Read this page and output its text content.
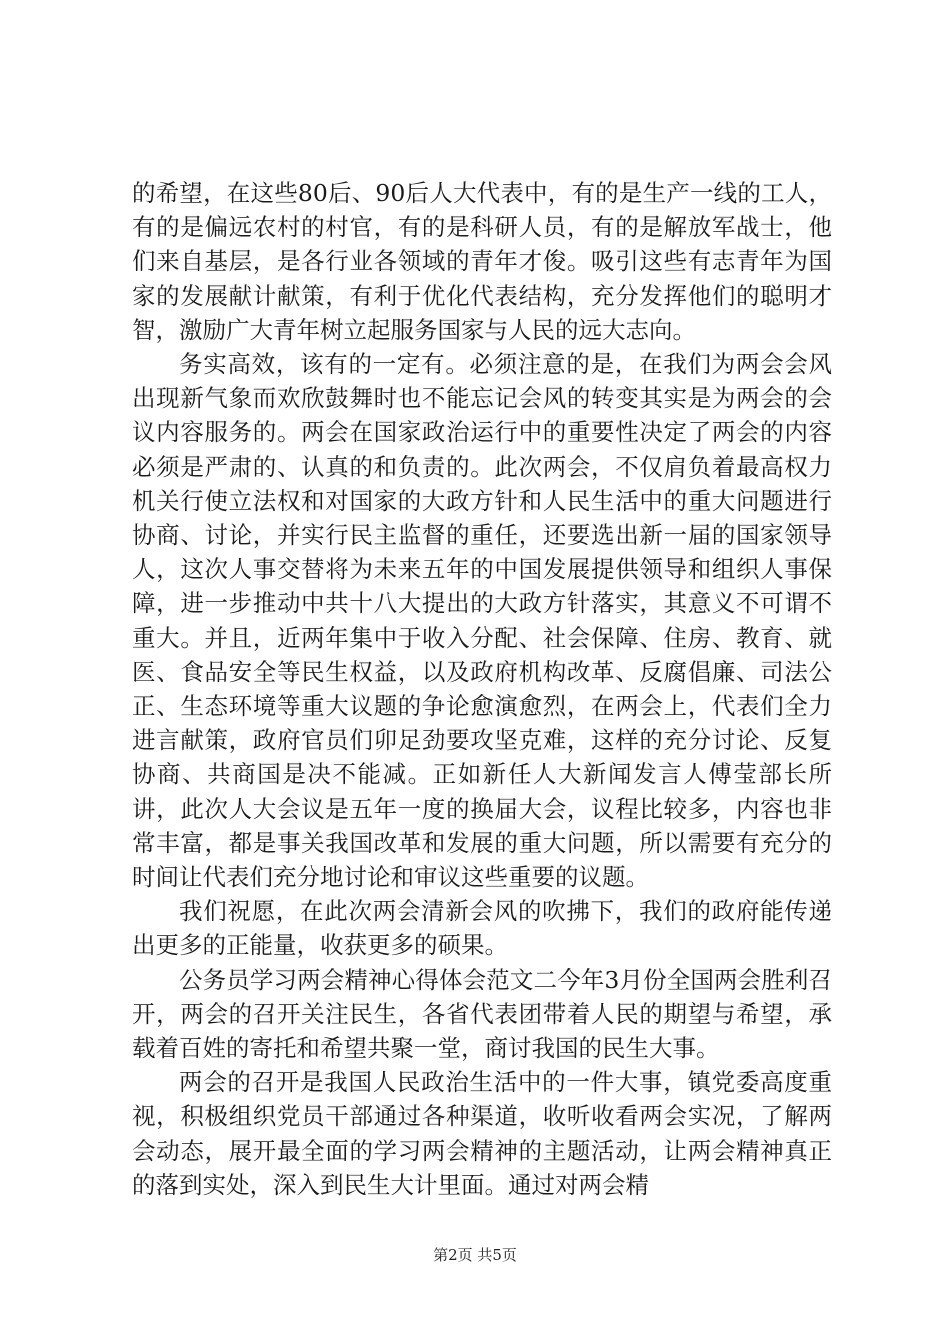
的希望，在这些80后、90后人大代表中，有的是生产一线的工人，有的是偏远农村的村官，有的是科研人员，有的是解放军战士，他们来自基层，是各行业各领域的青年才俊。吸引这些有志青年为国家的发展献计献策，有利于优化代表结构，充分发挥他们的聪明才智，激励广大青年树立起服务国家与人民的远大志向。

务实高效，该有的一定有。必须注意的是，在我们为两会会风出现新气象而欢欣鼓舞时也不能忘记会风的转变其实是为两会的会议内容服务的。两会在国家政治运行中的重要性决定了两会的内容必须是严肃的、认真的和负责的。此次两会，不仅肩负着最高权力机关行使立法权和对国家的大政方针和人民生活中的重大问题进行协商、讨论，并实行民主监督的重任，还要选出新一届的国家领导人，这次人事交替将为未来五年的中国发展提供领导和组织人事保障，进一步推动中共十八大提出的大政方针落实，其意义不可谓不重大。并且，近两年集中于收入分配、社会保障、住房、教育、就医、食品安全等民生权益，以及政府机构改革、反腐倡廉、司法公正、生态环境等重大议题的争论愈演愈烈，在两会上，代表们全力进言献策，政府官员们卯足劲要攻坚克难，这样的充分讨论、反复协商、共商国是决不能减。正如新任人大新闻发言人傅莹部长所讲，此次人大会议是五年一度的换届大会，议程比较多，内容也非常丰富，都是事关我国改革和发展的重大问题，所以需要有充分的时间让代表们充分地讨论和审议这些重要的议题。

我们祝愿，在此次两会清新会风的吹拂下，我们的政府能传递出更多的正能量，收获更多的硕果。

公务员学习两会精神心得体会范文二今年3月份全国两会胜利召开，两会的召开关注民生，各省代表团带着人民的期望与希望，承载着百姓的寄托和希望共聚一堂，商讨我国的民生大事。

两会的召开是我国人民政治生活中的一件大事，镇党委高度重视，积极组织党员干部通过各种渠道，收听收看两会实况，了解两会动态，展开最全面的学习两会精神的主题活动，让两会精神真正的落到实处，深入到民生大计里面。通过对两会精

第2页 共5页
